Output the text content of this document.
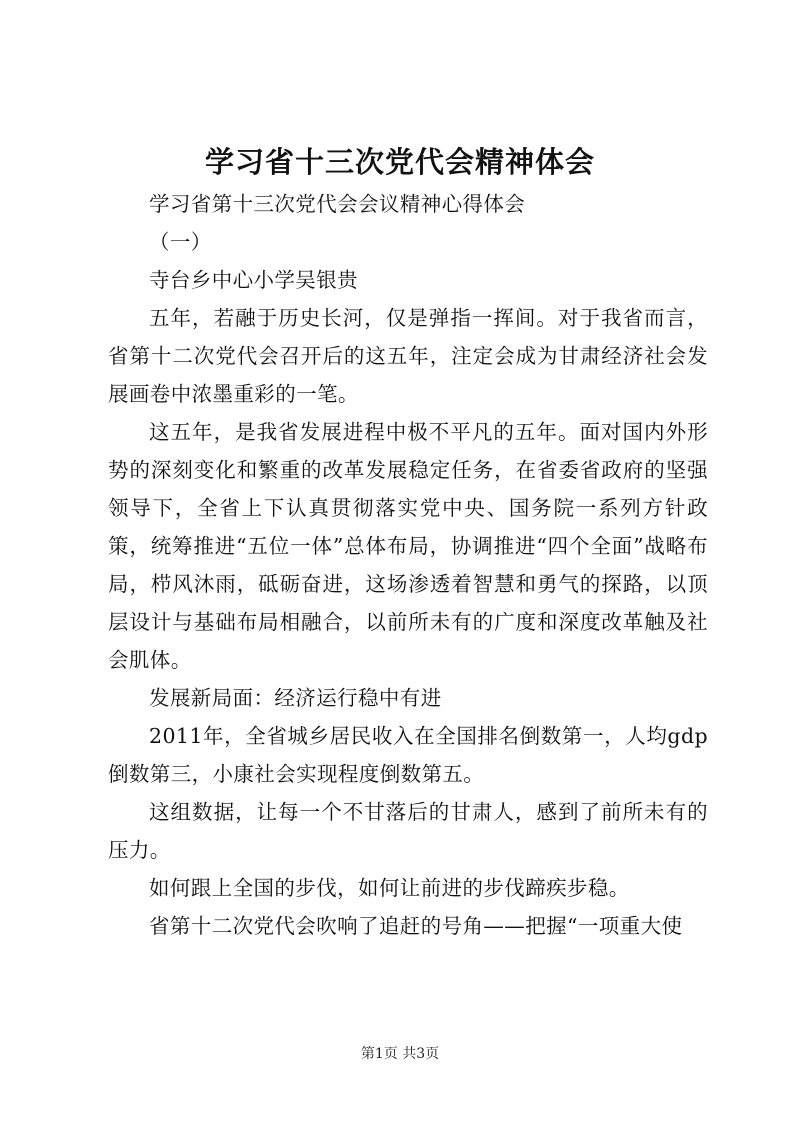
学习省十三次党代会精神体会

学习省第十三次党代会会议精神心得体会

（一）

寺台乡中心小学吴银贵

五年，若融于历史长河，仅是弹指一挥间。对于我省而言，省第十二次党代会召开后的这五年，注定会成为甘肃经济社会发展画卷中浓墨重彩的一笔。

这五年，是我省发展进程中极不平凡的五年。面对国内外形势的深刻变化和繁重的改革发展稳定任务，在省委省政府的坚强领导下，全省上下认真贯彻落实党中央、国务院一系列方针政策，统筹推进“五位一体”总体布局，协调推进“四个全面”战略布局，栉风沐雨，砥砺奋进，这场渗透着智慧和勇气的探路，以顶层设计与基础布局相融合，以前所未有的广度和深度改革触及社会肌体。

发展新局面：经济运行稳中有进

2011年，全省城乡居民收入在全国排名倒数第一，人均gdp倒数第三，小康社会实现程度倒数第五。

这组数据，让每一个不甘落后的甘肃人，感到了前所未有的压力。

如何跟上全国的步伐，如何让前进的步伐蹄疾步稳。

省第十二次党代会吹响了追赶的号角——把握“一项重大使

第1页 共3页
